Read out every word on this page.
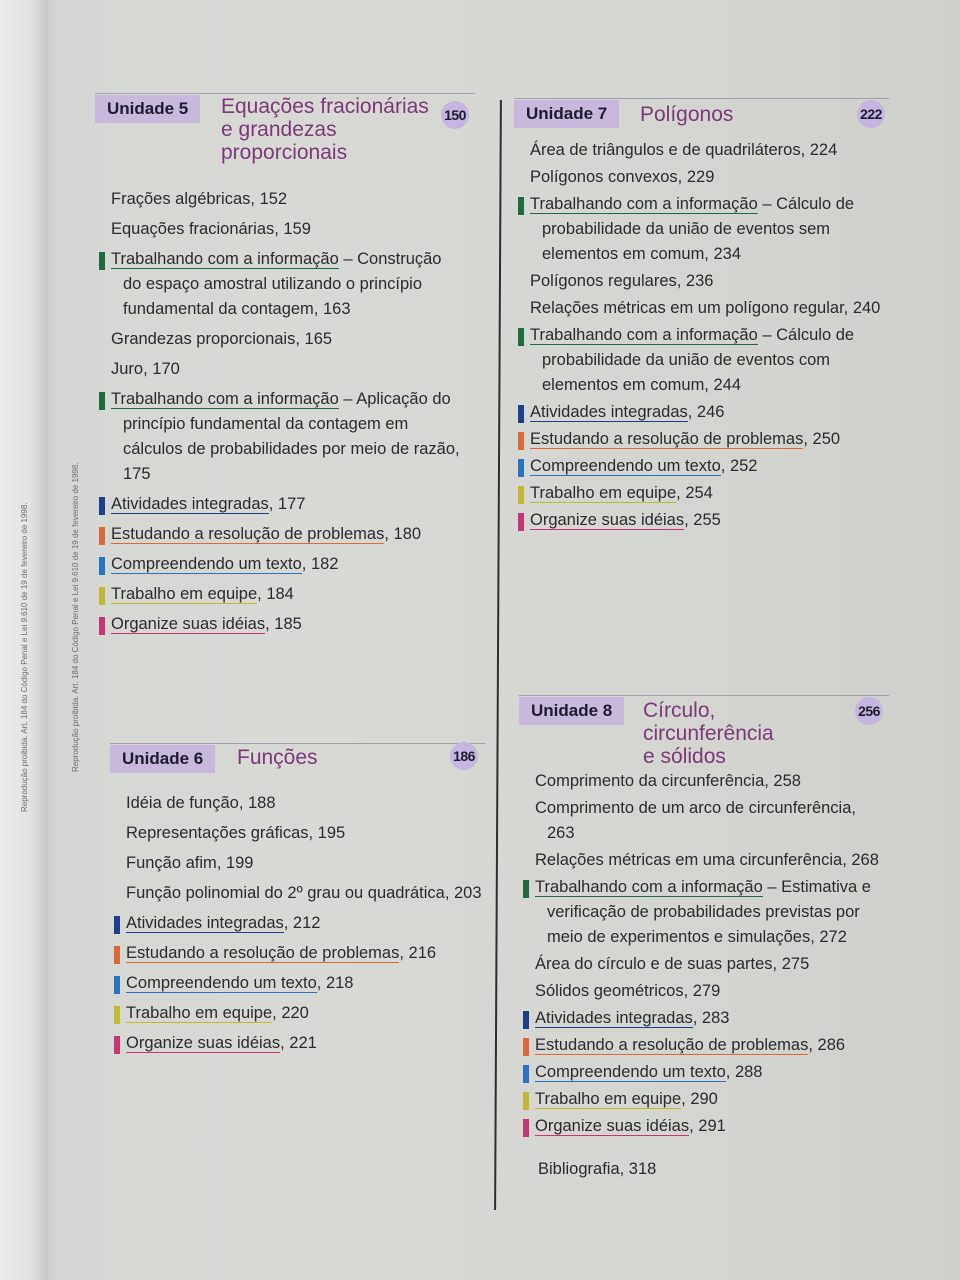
Reprodução proibida. Art. 184 do Código Penal e Lei 9.610 de 19 de fevereiro de 1998.	Reprodução proibida. Art. 184 do Código Penal e Lei 9.610 de 19 de fevereiro de 1998.
Unidade 5	Equações fracionárias
e grandezas
proporcionais
150
Frações algébricas, 152
Equações fracionárias, 159
Trabalhando com a informação – Construção
do espaço amostral utilizando o princípio
fundamental da contagem, 163
Grandezas proporcionais, 165
Juro, 170
Trabalhando com a informação – Aplicação do
princípio fundamental da contagem em
cálculos de probabilidades por meio de razão,
175
Atividades integradas, 177
Estudando a resolução de problemas, 180
Compreendendo um texto, 182
Trabalho em equipe, 184
Organize suas idéias, 185
Unidade 6	Funções	186
Idéia de função, 188
Representações gráficas, 195
Função afim, 199
Função polinomial do 2º grau ou quadrática, 203
Atividades integradas, 212
Estudando a resolução de problemas, 216
Compreendendo um texto, 218
Trabalho em equipe, 220
Organize suas idéias, 221
Unidade 7	Polígonos	222
Área de triângulos e de quadriláteros, 224
Polígonos convexos, 229
Trabalhando com a informação – Cálculo de
probabilidade da união de eventos sem
elementos em comum, 234
Polígonos regulares, 236
Relações métricas em um polígono regular, 240
Trabalhando com a informação – Cálculo de
probabilidade da união de eventos com
elementos em comum, 244
Atividades integradas, 246
Estudando a resolução de problemas, 250
Compreendendo um texto, 252
Trabalho em equipe, 254
Organize suas idéias, 255
Unidade 8	Círculo,
circunferência
e sólidos
256
Comprimento da circunferência, 258
Comprimento de um arco de circunferência,
263
Relações métricas em uma circunferência, 268
Trabalhando com a informação – Estimativa e
verificação de probabilidades previstas por
meio de experimentos e simulações, 272
Área do círculo e de suas partes, 275
Sólidos geométricos, 279
Atividades integradas, 283
Estudando a resolução de problemas, 286
Compreendendo um texto, 288
Trabalho em equipe, 290
Organize suas idéias, 291
Bibliografia, 318
